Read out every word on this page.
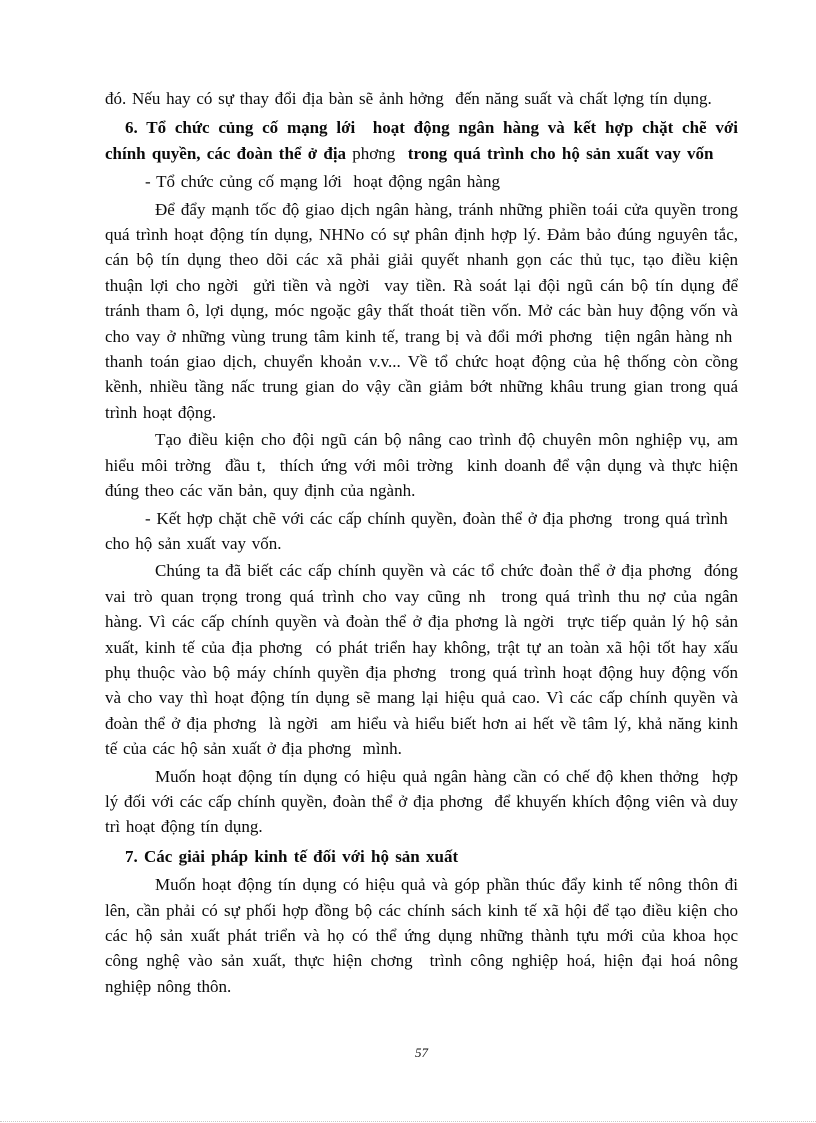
đó. Nếu hay có sự thay đổi địa bàn sẽ ảnh hởng  đến năng suất và chất lợng tín dụng.

6. Tổ chức củng cố mạng lới  hoạt động ngân hàng và kết hợp chặt chẽ với chính quyền, các đoàn thể ở địa phơng  trong quá trình cho hộ sản xuất vay vốn

- Tổ chức củng cố mạng lới  hoạt động ngân hàng

Để đẩy mạnh tốc độ giao dịch ngân hàng, tránh những phiền toái cửa quyền trong quá trình hoạt động tín dụng, NHNo có sự phân định hợp lý. Đảm bảo đúng nguyên tắc, cán bộ tín dụng theo dõi các xã phải giải quyết nhanh gọn các thủ tục, tạo điều kiện thuận lợi cho ngời  gửi tiền và ngời  vay tiền. Rà soát lại đội ngũ cán bộ tín dụng để tránh tham ô, lợi dụng, móc ngoặc gây thất thoát tiền vốn. Mở các bàn huy động vốn và cho vay ở những vùng trung tâm kinh tế, trang bị và đổi mới phơng  tiện ngân hàng nh  thanh toán giao dịch, chuyển khoản v.v... Về tổ chức hoạt động của hệ thống còn cồng kềnh, nhiều tầng nấc trung gian do vậy cần giảm bớt những khâu trung gian trong quá trình hoạt động.

Tạo điều kiện cho đội ngũ cán bộ nâng cao trình độ chuyên môn nghiệp vụ, am hiểu môi trờng  đầu t,  thích ứng với môi trờng  kinh doanh để vận dụng và thực hiện đúng theo các văn bản, quy định của ngành.

- Kết hợp chặt chẽ với các cấp chính quyền, đoàn thể ở địa phơng  trong quá trình cho hộ sản xuất vay vốn.

Chúng ta đã biết các cấp chính quyền và các tổ chức đoàn thể ở địa phơng  đóng vai trò quan trọng trong quá trình cho vay cũng nh  trong quá trình thu nợ của ngân hàng. Vì các cấp chính quyền và đoàn thể ở địa phơng là ngời  trực tiếp quản lý hộ sản xuất, kinh tế của địa phơng  có phát triển hay không, trật tự an toàn xã hội tốt hay xấu phụ thuộc vào bộ máy chính quyền địa phơng  trong quá trình hoạt động huy động vốn và cho vay thì hoạt động tín dụng sẽ mang lại hiệu quả cao. Vì các cấp chính quyền và đoàn thể ở địa phơng  là ngời  am hiểu và hiểu biết hơn ai hết về tâm lý, khả năng kinh tế của các hộ sản xuất ở địa phơng  mình.

Muốn hoạt động tín dụng có hiệu quả ngân hàng cần có chế độ khen thởng  hợp lý đối với các cấp chính quyền, đoàn thể ở địa phơng  để khuyến khích động viên và duy trì hoạt động tín dụng.

7. Các giải pháp kinh tế đối với hộ sản xuất

Muốn hoạt động tín dụng có hiệu quả và góp phần thúc đẩy kinh tế nông thôn đi lên, cần phải có sự phối hợp đồng bộ các chính sách kinh tế xã hội để tạo điều kiện cho các hộ sản xuất phát triển và họ có thể ứng dụng những thành tựu mới của khoa học công nghệ vào sản xuất, thực hiện chơng  trình công nghiệp hoá, hiện đại hoá nông nghiệp nông thôn.

57
